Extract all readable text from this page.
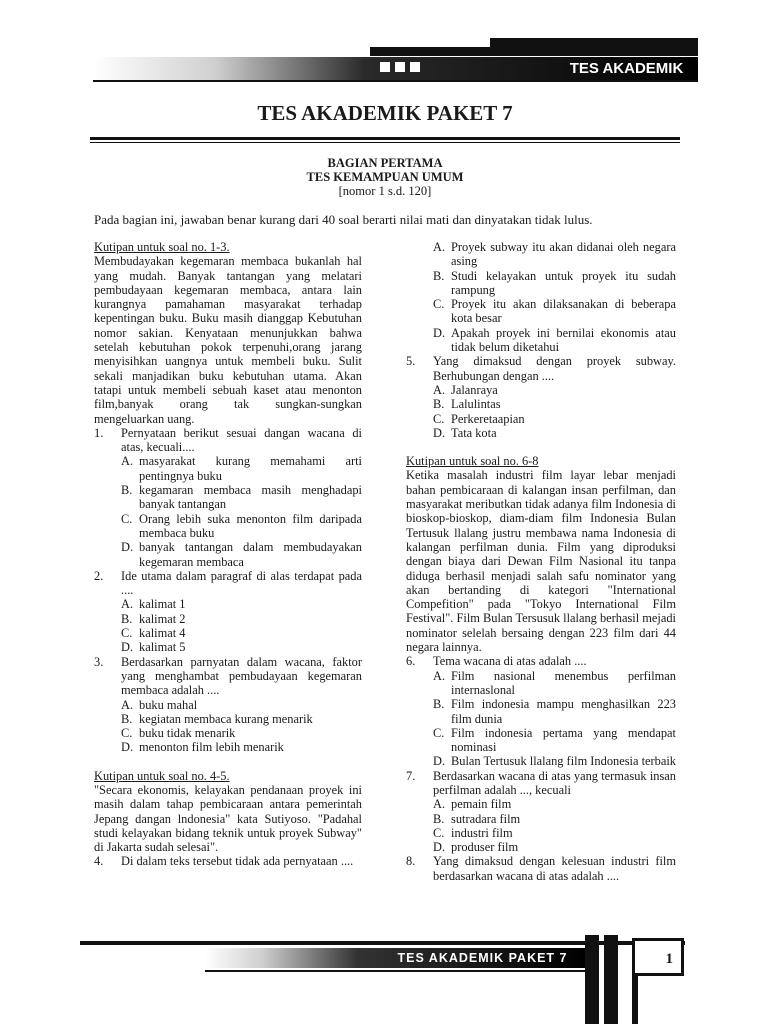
TES AKADEMIK
TES AKADEMIK PAKET 7
BAGIAN PERTAMA
TES KEMAMPUAN UMUM
[nomor 1 s.d. 120]
Pada bagian ini, jawaban benar kurang dari 40 soal berarti nilai mati dan dinyatakan tidak lulus.

Kutipan untuk soal no. 1-3.

Membudayakan kegemaran membaca bukanlah hal yang mudah. Banyak tantangan yang melatari pembudayaan kegemaran membaca, antara lain kurangnya pamahaman masyarakat terhadap kepentingan buku. Buku masih dianggap Kebutuhan nomor sakian. Kenyataan menunjukkan bahwa setelah kebutuhan pokok terpenuhi,orang jarang menyisihkan uangnya untuk membeli buku. Sulit sekali manjadikan buku kebutuhan utama. Akan tatapi untuk membeli sebuah kaset atau menonton film,banyak orang tak sungkan-sungkan mengeluarkan uang.

1.	Pernyataan berikut sesuai dangan wacana di atas, kecuali....
A. masyarakat kurang memahami arti pentingnya buku
B. kegamaran membaca masih menghadapi banyak tantangan
C. Orang lebih suka menonton film daripada membaca buku
D. banyak tantangan dalam membudayakan kegemaran membaca
2.	Ide utama dalam paragraf di alas terdapat pada ....
A. kalimat 1
B. kalimat 2
C. kalimat 4
D. kalimat 5
3.	Berdasarkan parnyatan dalam wacana, faktor yang menghambat pembudayaan kegemaran membaca adalah ....
A. buku mahal
B. kegiatan membaca kurang menarik
C. buku tidak menarik
D. menonton film lebih menarik

Kutipan untuk soal no. 4-5.

"Secara ekonomis, kelayakan pendanaan proyek ini masih dalam tahap pembicaraan antara pemerintah Jepang dangan lndonesia" kata Sutiyoso. "Padahal studi kelayakan bidang teknik untuk proyek Subway" di Jakarta sudah selesai".

4.	Di dalam teks tersebut tidak ada pernyataan ....
A. Proyek subway itu akan didanai oleh negara asing
B. Studi kelayakan untuk proyek itu sudah rampung
C. Proyek itu akan dilaksanakan di beberapa kota besar
D. Apakah proyek ini bernilai ekonomis atau tidak belum diketahui
5.	Yang dimaksud dengan proyek subway. Berhubungan dengan ....
A. Jalanraya
B. Lalulintas
C. Perkeretaapian
D. Tata kota

Kutipan untuk soal no. 6-8

Ketika masalah industri film layar lebar menjadi bahan pembicaraan di kalangan insan perfilman, dan masyarakat meributkan tidak adanya film Indonesia di bioskop-bioskop, diam-diam film Indonesia Bulan Tertusuk llalang justru membawa nama Indonesia di kalangan perfilman dunia. Film yang diproduksi dengan biaya dari Dewan Film Nasional itu tanpa diduga berhasil menjadi salah safu nominator yang akan bertanding di kategori "International Compefition" pada "Tokyo International Film Festival". Film Bulan Tersusuk llalang berhasil mejadi nominator selelah bersaing dengan 223 film dari 44 negara lainnya.

6.	Tema wacana di atas adalah ....
A. Film nasional menembus perfilman internaslonal
B. Film indonesia mampu menghasilkan 223 film dunia
C. Film indonesia pertama yang mendapat nominasi
D. Bulan Tertusuk llalang film Indonesia terbaik
7.	Berdasarkan wacana di atas yang termasuk insan perfilman adalah ..., kecuali
A. pemain film
B. sutradara film
C. industri film
D. produser film
8.	Yang dimaksud dengan kelesuan industri film berdasarkan wacana di atas adalah ....
TES AKADEMIK PAKET 7	1
